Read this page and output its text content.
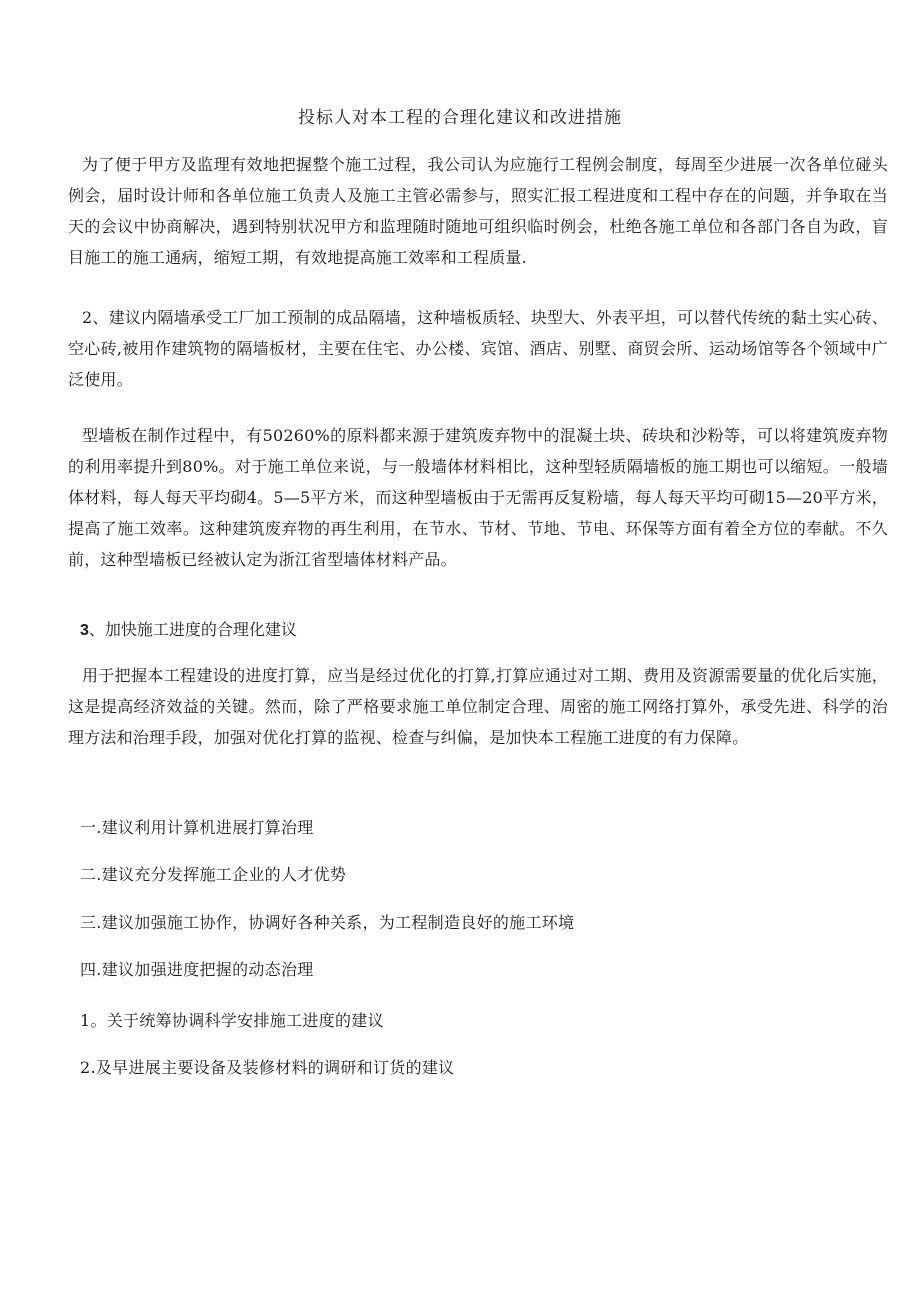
投标人对本工程的合理化建议和改进措施

为了便于甲方及监理有效地把握整个施工过程，我公司认为应施行工程例会制度，每周至少进展一次各单位碰头例会，届时设计师和各单位施工负责人及施工主管必需参与，照实汇报工程进度和工程中存在的问题，并争取在当天的会议中协商解决，遇到特别状况甲方和监理随时随地可组织临时例会，杜绝各施工单位和各部门各自为政，盲目施工的施工通病，缩短工期，有效地提高施工效率和工程质量.

2、建议内隔墙承受工厂加工预制的成品隔墙，这种墙板质轻、块型大、外表平坦，可以替代传统的黏土实心砖、空心砖,被用作建筑物的隔墙板材，主要在住宅、办公楼、宾馆、酒店、别墅、商贸会所、运动场馆等各个领域中广泛使用。

型墙板在制作过程中，有50260%的原料都来源于建筑废弃物中的混凝土块、砖块和沙粉等，可以将建筑废弃物的利用率提升到80%。对于施工单位来说，与一般墙体材料相比，这种型轻质隔墙板的施工期也可以缩短。一般墙体材料，每人每天平均砌4。5—5平方米，而这种型墙板由于无需再反复粉墙，每人每天平均可砌15—20平方米，提高了施工效率。这种建筑废弃物的再生利用，在节水、节材、节地、节电、环保等方面有着全方位的奉献。不久前，这种型墙板已经被认定为浙江省型墙体材料产品。

3、加快施工进度的合理化建议

用于把握本工程建设的进度打算，应当是经过优化的打算,打算应通过对工期、费用及资源需要量的优化后实施，这是提高经济效益的关键。然而，除了严格要求施工单位制定合理、周密的施工网络打算外，承受先进、科学的治理方法和治理手段，加强对优化打算的监视、检查与纠偏，是加快本工程施工进度的有力保障。

一.建议利用计算机进展打算治理

二.建议充分发挥施工企业的人才优势

三.建议加强施工协作，协调好各种关系，为工程制造良好的施工环境

四.建议加强进度把握的动态治理

1。关于统筹协调科学安排施工进度的建议

2.及早进展主要设备及装修材料的调研和订货的建议
